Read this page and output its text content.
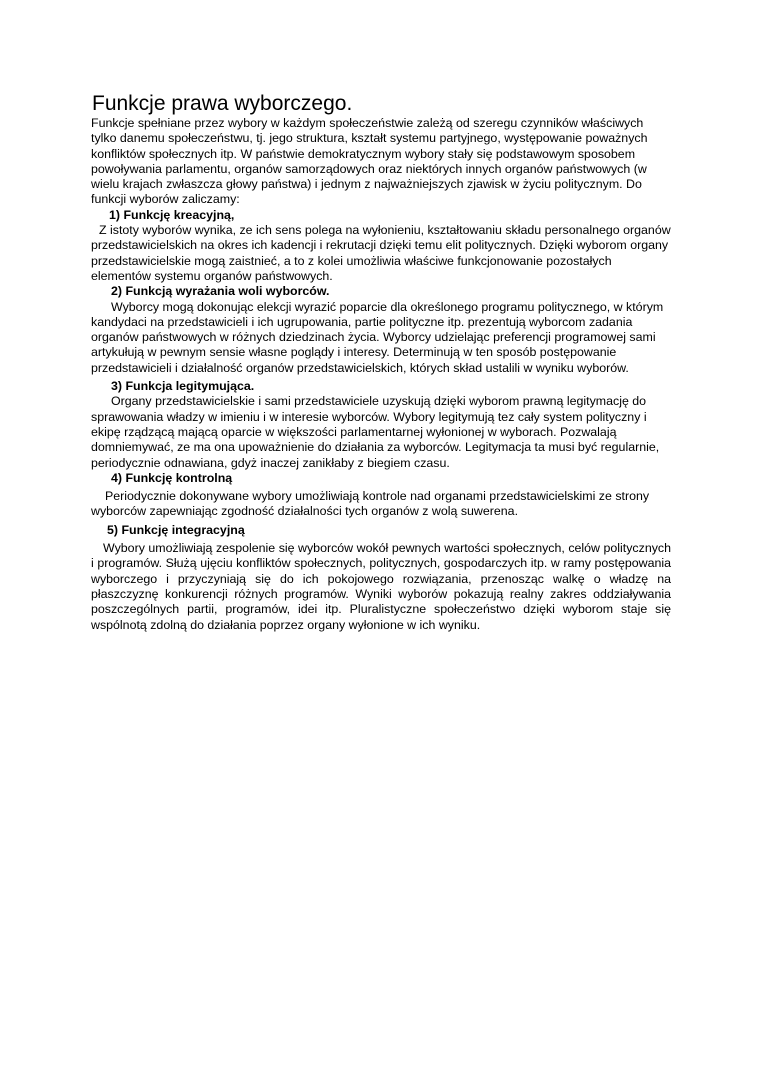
Funkcje prawa wyborczego.

Funkcje spełniane przez wybory w każdym społeczeństwie zależą od szeregu czynników właściwych tylko danemu społeczeństwu, tj. jego struktura, kształt systemu partyjnego, występowanie poważnych konfliktów społecznych itp. W państwie demokratycznym wybory stały się podstawowym sposobem powoływania parlamentu, organów samorządowych oraz niektórych innych organów państwowych (w wielu krajach zwłaszcza głowy państwa) i jednym z najważniejszych zjawisk w życiu politycznym. Do funkcji wyborów zaliczamy:

1) Funkcję kreacyjną,

Z istoty wyborów wynika, ze ich sens polega na wyłonieniu, kształtowaniu składu personalnego organów przedstawicielskich na okres ich kadencji i rekrutacji dzięki temu elit politycznych. Dzięki wyborom organy przedstawicielskie mogą zaistnieć, a to z kolei umożliwia właściwe funkcjonowanie pozostałych elementów systemu organów państwowych.

2) Funkcją wyrażania woli wyborców.

Wyborcy mogą dokonując elekcji wyrazić poparcie dla określonego programu politycznego, w którym kandydaci na przedstawicieli i ich ugrupowania, partie polityczne itp. prezentują wyborcom zadania organów państwowych w różnych dziedzinach życia. Wyborcy udzielając preferencji programowej sami artykułują w pewnym sensie własne poglądy i interesy. Determinują w ten sposób postępowanie przedstawicieli i działalność organów przedstawicielskich, których skład ustalili w wyniku wyborów.

3) Funkcja legitymująca.

Organy przedstawicielskie i sami przedstawiciele uzyskują dzięki wyborom prawną legitymację do sprawowania władzy w imieniu i w interesie wyborców. Wybory legitymują tez cały system polityczny i ekipę rządzącą mającą oparcie w większości parlamentarnej wyłonionej w wyborach. Pozwalają domniemywać, ze ma ona upoważnienie do działania za wyborców. Legitymacja ta musi być regularnie, periodycznie odnawiana, gdyż inaczej zanikłaby z biegiem czasu.

4) Funkcję kontrolną

Periodycznie dokonywane wybory umożliwiają kontrole nad organami przedstawicielskimi ze strony wyborców zapewniając zgodność działalności tych organów z wolą suwerena.

5) Funkcję integracyjną

Wybory umożliwiają zespolenie się wyborców wokół pewnych wartości społecznych, celów politycznych i programów. Służą ujęciu konfliktów społecznych, politycznych, gospodarczych itp. w ramy postępowania wyborczego i przyczyniają się do ich pokojowego rozwiązania, przenosząc walkę o władzę na płaszczyznę konkurencji różnych programów. Wyniki wyborów pokazują realny zakres oddziaływania poszczególnych partii, programów, idei itp. Pluralistyczne społeczeństwo dzięki wyborom staje się wspólnotą zdolną do działania poprzez organy wyłonione w ich wyniku.
